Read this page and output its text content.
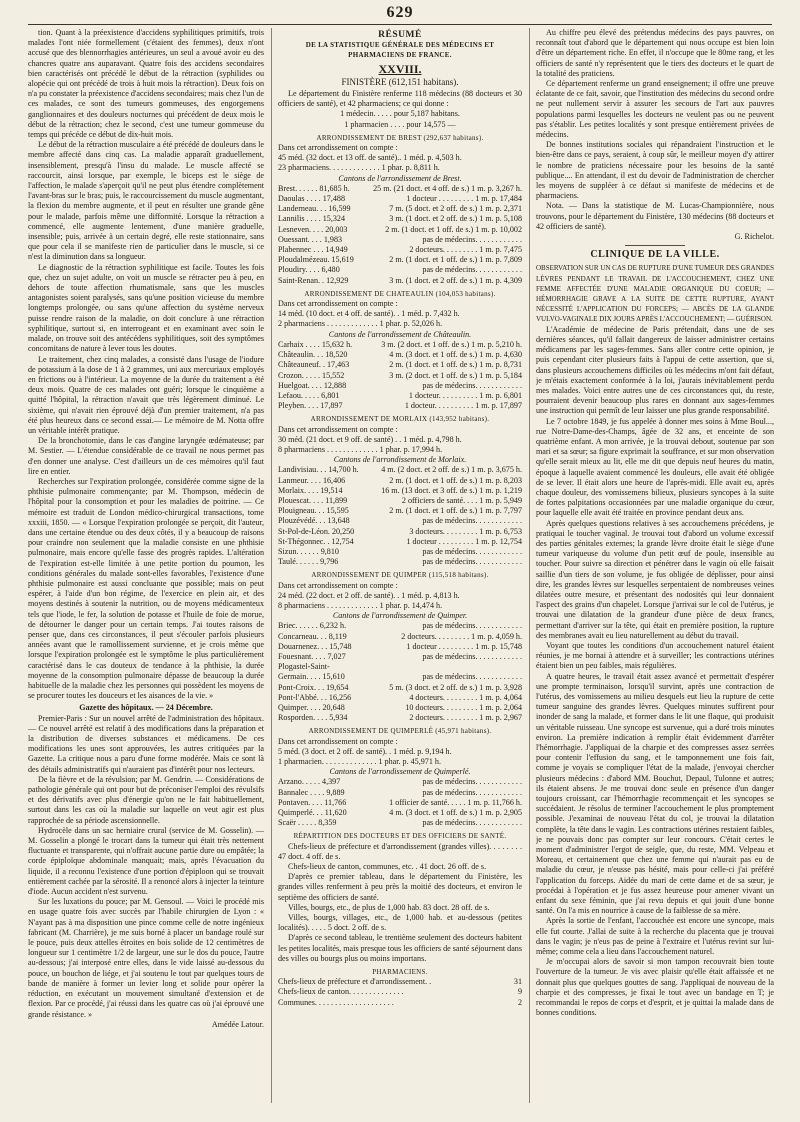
629

tion. Quant à la préexistence d'accidens syphilitiques primitifs, trois malades l'ont niée formellement (c'étaient des femmes), deux n'ont accusé que des blennorrhagies antérieures, un seul a avoué avoir eu des chancres quatre ans auparavant. Quatre fois des accidens secondaires bien caractérisés ont précédé le début de la rétraction (syphilides ou alopécie qui ont précédé de trois à huit mois la rétraction). Deux fois on n'a pu constater la préexistence d'accidens secondaires; mais chez l'un de ces malades, ce sont des tumeurs gommeuses, des engorgemens ganglionnaires et des douleurs nocturnes qui précédent de deux mois le début de la rétraction; chez le second, c'est une tumeur gommeuse du temps qui précéde ce début de dix-huit mois.

Le début de la rétraction musculaire a été précédé de douleurs dans le membre affecté dans cinq cas. La maladie apparaît graduellement, insensiblement, presqu'à l'insu du malade. Le muscle affecté se raccourcit, ainsi lorsque, par exemple, le biceps est le siège de l'affection, le malade s'aperçoit qu'il ne peut plus étendre complètement l'avant-bras sur le bras; puis, le raccourcissement du muscle augmentant, la flexion du membre augmente, et il peut en résulter une grande gêne pour le malade, parfois même une difformité. Lorsque la rétraction a commencé, elle augmente lentement, d'une manière graduelle, insensible; puis, arrivée à un certain degré, elle reste stationnaire, sans que pour cela il se manifeste rien de particulier dans le muscle, si ce n'est la diminution dans sa longueur.

Le diagnostic de la rétraction syphilitique est facile. Toutes les fois que, chez un sujet adulte, on voit un muscle se rétracter peu à peu, en dehors de toute affection rhumatismale, sans que les muscles antagonistes soient paralysés, sans qu'une position vicieuse du membre longtemps prolongée, ou sans qu'une affection du système nerveux puisse rendre raison de la maladie, on doit conclure à une rétraction syphilitique, surtout si, en interrogeant et en examinant avec soin le malade, on trouve soit des antécédens syphilitiques, soit des symptômes concomitans de nature à lever tous les doutes.

Le traitement, chez cinq malades, a consisté dans l'usage de l'iodure de potassium à la dose de 1 à 2 grammes, uni aux mercuriaux employés en frictions ou à l'intérieur. La moyenne de la durée du traitement a été deux mois. Quatre de ces malades ont guéri; lorsque le cinquième a quitté l'hôpital, la rétraction n'avait que très légèrement diminué. Le sixième, qui n'avait rien éprouvé déjà d'un premier traitement, n'a pas été plus heureux dans ce second essai.— Le mémoire de M. Notta offre un véritable intérêt pratique.

De la bronchotomie, dans le cas d'angine laryngée œdémateuse; par M. Sestier. — L'étendue considérable de ce travail ne nous permet pas d'en donner une analyse. C'est d'ailleurs un de ces mémoires qu'il faut lire en entier.

Recherches sur l'expiration prolongée, considérée comme signe de la phthisie pulmonaire commençante; par M. Thompson, médecin de l'hôpital pour la consomption et pour les maladies de poitrine. — Ce mémoire est traduit de London médico-chirurgical transactions, tome xxxiii, 1850. — « Lorsque l'expiration prolongée se perçoit, dit l'auteur, dans une certaine étendue ou des deux côtés, il y a beaucoup de raisons pour craindre non seulement que la maladie consiste en une phthisie pulmonaire, mais encore qu'elle fasse des progrès rapides. L'altération de l'expiration est-elle limitée à une petite portion du poumon, les conditions générales du malade sont-elles favorables, l'existence d'une phthisie pulmonaire est aussi concluante que possible; mais on peut espérer, à l'aide d'un bon régime, de l'exercice en plein air, et des moyens destinés à soutenir la nutrition, ou de moyens médicamenteux tels que l'iode, le fer, la solution de potasse et l'huile de foie de morue, de détourner le danger pour un certain temps. J'ai toutes raisons de penser que, dans ces circonstances, il peut s'écouler parfois plusieurs années avant que le ramollissement survienne, et je crois même que lorsque l'expiration prolongée est le symptôme le plus particulièrement caractérisé dans le cas douteux de tendance à la phthisie, la durée moyenne de la consomption pulmonaire dépasse de beaucoup la durée habituelle de la maladie chez les personnes qui possèdent les moyens de se procurer toutes les douceurs et les aisances de la vie. »

Gazette des hôpitaux. — 24 Décembre.

Premier-Paris : Sur un nouvel arrêté de l'administration des hôpitaux. — Ce nouvel arrêté est relatif à des modifications dans la préparation et la distribution de diverses substances et médicamens. De ces modifications les unes sont approuvées, les autres critiquées par la Gazette. La critique nous a paru d'une forme modérée. Mais ce sont là des détails administratifs qui n'auraient pas d'intérêt pour nos lecteurs.

De la fièvre et de la révulsion; par M. Gendrin. — Considérations de pathologie générale qui ont pour but de préconiser l'emploi des révulsifs et des dérivatifs avec plus d'énergie qu'on ne le fait habituellement, surtout dans les cas où la maladie sur laquelle on veut agir est plus rapprochée de sa période ascensionnelle.

Hydrocèle dans un sac herniaire crural (service de M. Gosselin). — M. Gosselin a plongé le trocart dans la tumeur qui était très nettement fluctuante et transparente, qui n'offrait aucune partie dure ou empâtée; la corde épiploïque abdominale manquait; mais, après l'évacuation du liquide, il a reconnu l'existence d'une portion d'épiploon qui se trouvait entièrement cachée par la sérosité. Il a renoncé alors à injecter la teinture d'iode. Aucun accident n'est survenu.

Sur les luxations du pouce; par M. Gensoul. — Voici le procédé mis en usage quatre fois avec succès par l'habile chirurgien de Lyon : « N'ayant pas à ma disposition une pince comme celle de notre ingénieux fabricant (M. Charrière), je me suis borné à placer un bandage roulé sur le pouce, puis deux attelles étroites en bois solide de 12 centimètres de longueur sur 1 centimètre 1/2 de largeur, une sur le dos du pouce, l'autre au-dessous; j'ai interposé entre elles, dans le vide laissé au-dessous du pouce, un bouchon de liége, et j'ai soutenu le tout par quelques tours de bande de manière à former un levier long et solide pour opérer la réduction, en exécutant un mouvement simultané d'extension et de flexion. Par ce procédé, j'ai réussi dans les quatre cas où j'ai éprouvé une grande résistance. »

Amédée Latour.

RÉSUMÉ
DE LA STATISTIQUE GÉNÉRALE DES MÉDECINS ET PHARMACIENS DE FRANCE.
XXVIII.
FINISTÈRE (612,151 habitans).

Le département du Finistère renferme 118 médecins (88 docteurs et 30 officiers de santé), et 42 pharmaciens; ce qui donne :

1 médecin. . . . . pour 5,187 habitans.

1 pharmacien . . . . pour 14,575 —

ARRONDISSEMENT DE BREST (292,637 habitans).
Dans cet arrondissement on compte :
45 méd. (32 doct. et 13 off. de santé).. 1 méd. p. 4,503 h.
23 pharmaciens. . . . . . . . . . . . . 1 phar. p. 8,811 h.
Cantons de l'arrondissement de Brest.
Brest. . . . . . 81,685 h.	25 m. (21 doct. et 4 off. de s.) 1 m. p. 3,267 h.
Daoulas . . . . 17,488	1 docteur . . . . . . . . . 1 m. p. 17,484
Landerneau. . . 16,599	7 m. (5 doct. et 2 off. de s.) 1 m. p. 2,371
Lannilis . . . . 15,324	3 m. (1 doct. et 2 off. de s.) 1 m. p. 5,108
Lesneven. . . . 20,003	2 m. (1 doct. et 1 off. de s.) 1 m. p. 10,002
Ouessant. . . . 1,983	pas de médecins. . . . . . . . . . . .
Plabennec . . . 14,949	2 docteurs. . . . . . . . . 1 m. p. 7,475
Ploudalmézeau. 15,619	2 m. (1 doct. et 1 off. de s.) 1 m. p. 7,809
Ploudiry. . . . 6,480	pas de médecins. . . . . . . . . . . .
Saint-Renan. . 12,929	3 m. (1 doct. et 2 off. de s.) 1 m. p. 4,309
ARRONDISSEMENT DE CHATEAULIN (104,053 habitans).
Dans cet arrondissement on compte :
14 méd. (10 doct. et 4 off. de santé). . 1 méd. p. 7,432 h.
2 pharmaciens . . . . . . . . . . . . . 1 phar. p. 52,026 h.
Cantons de l'arrondissement de Châteaulin.
Carhaix . . . . 15,632 h.	3 m. (2 doct. et 1 off. de s.) 1 m. p. 5,210 h.
Châteaulin. . . 18,520	4 m. (3 doct. et 1 off. de s.) 1 m. p. 4,630
Châteauneuf. . 17,463	2 m. (1 doct. et 1 off. de s.) 1 m. p. 8,731
Crozon. . . . . 15,552	3 m. (2 doct. et 1 off. de s.) 1 m. p. 5,184
Huelgoat. . . . 12,888	pas de médecins. . . . . . . . . . . .
Lefaou. . . . . 6,801	1 docteur. . . . . . . . . . 1 m. p. 6,801
Pleyben. . . . 17,897	1 docteur. . . . . . . . . . 1 m. p. 17,897
ARRONDISSEMENT DE MORLAIX (143,952 habitans).
Dans cet arrondissement on compte :
30 méd. (21 doct. et 9 off. de santé) . . 1 méd. p. 4,798 h.
8 pharmaciens . . . . . . . . . . . . . 1 phar. p. 17,994 h.
Cantons de l'arrondissement de Morlaix.
Landivisiau. . . 14,700 h.	4 m. (2 doct. et 2 off. de s.) 1 m. p. 3,675 h.
Lanmeur. . . . 16,406	2 m. (1 doct. et 1 off. de s.) 1 m. p. 8,203
Morlaix. . . . 19,514	16 m. (13 doct. et 3 off. de s.) 1 m. p. 1,219
Plouescat. . . . 11,899	2 officiers de santé. . . . 1 m. p. 5,949
Plouigneau. . . 15,595	2 m. (1 doct. et 1 off. de s.) 1 m. p. 7,797
Plouzévédé. . . 13,648	pas de médecins. . . . . . . . . . . .
St-Pol-de-Léon. 20,250	3 docteurs. . . . . . . . . 1 m. p. 6,753
St-Thégonnec. . 12,754	1 docteur . . . . . . . . . 1 m. p. 12,754
Sizun. . . . . . 9,810	pas de médecins. . . . . . . . . . . .
Taulé. . . . . . 9,796	pas de médecins. . . . . . . . . . . .
ARRONDISSEMENT DE QUIMPER (115,518 habitans).
Dans cet arrondissement on compte :
24 méd. (22 doct. et 2 off. de santé). . 1 méd. p. 4,813 h.
8 pharmaciens . . . . . . . . . . . . . 1 phar. p. 14,474 h.
Cantons de l'arrondissement de Quimper.
Briec. . . . . . 6,232 h.	pas de médecins. . . . . . . . . . . .
Concarneau. . . 8,119	2 docteurs. . . . . . . . . 1 m. p. 4,059 h.
Douarnenez. . . 15,748	1 docteur . . . . . . . . . 1 m. p. 15,748
Fouesnant. . . . 7,027	pas de médecins. . . . . . . . . . . .
Plogastel-Saint-
Germain. . . . 15,610	pas de médecins. . . . . . . . . . . .
Pont-Croix. . . 19,654	5 m. (3 doct. et 2 off. de s.) 1 m. p. 3,928
Pont-l'Abbé. . . 16,256	4 docteurs. . . . . . . . . 1 m. p. 4,064
Quimper. . . . 20,648	10 docteurs. . . . . . . . . 1 m. p. 2,064
Rosporden. . . . 5,934	2 docteurs. . . . . . . . . 1 m. p. 2,967
ARRONDISSEMENT DE QUIMPERLÉ (45,971 habitans).
Dans cet arrondissement on compte :
5 méd. (3 doct. et 2 off. de santé). . 1 méd. p. 9,194 h.
1 pharmacien. . . . . . . . . . . . . . 1 phar. p. 45,971 h.
Cantons de l'arrondissement de Quimperlé.
Arzano. . . . . 4,397	pas de médecins. . . . . . . . . . . .
Bannalec . . . . 9,889	pas de médecins. . . . . . . . . . . .
Pontaven. . . . 11,766	1 officier de santé. . . . . 1 m. p. 11,766 h.
Quimperlé. . . 11,620	4 m. (3 doct. et 1 off. de s.) 1 m. p. 2,905
Scaër . . . . . 8,359	pas de médecins. . . . . . . . . . . .
RÉPARTITION DES DOCTEURS ET DES OFFICIERS DE SANTÉ.

Chefs-lieux de préfecture et d'arrondissement (grandes villes). . . . . . . . 47 doct. 4 off. de s.

Chefs-lieux de canton, communes, etc. . 41 doct. 26 off. de s.

D'après ce premier tableau, dans le département du Finistère, les grandes villes renferment à peu près la moitié des docteurs, et environ le septième des officiers de santé.

Villes, bourgs, etc., de plus de 1,000 hab. 83 doct. 28 off. de s.

Villes, bourgs, villages, etc., de 1,000 hab. et au-dessous (petites localités). . . . . 5 doct. 2 off. de s.

D'après ce second tableau, le trentième seulement des docteurs habitent les petites localités, mais presque tous les officiers de santé séjournent dans des villes ou bourgs plus ou moins importans.

PHARMACIENS.
Chefs-lieux de préfecture et d'arrondissement. .	31
Chefs-lieux de canton. . . . . . . . . . . . . .	9
Communes. . . . . . . . . . . . . . . . . . . .	2

Au chiffre peu élevé des prétendus médecins des pays pauvres, on reconnaît tout d'abord que le département qui nous occupe est bien loin d'être un département riche. En effet, il n'occupe que le 80me rang, et les officiers de santé n'y représentent que le tiers des docteurs et le quart de la totalité des praticiens.

Ce département renferme un grand enseignement; il offre une preuve éclatante de ce fait, savoir, que l'institution des médecins du second ordre ne peut nullement servir à assurer les secours de l'art aux pauvres populations parmi lesquelles les docteurs ne veulent pas ou ne peuvent pas s'établir. Les petites localités y sont presque entièrement privées de médecins.

De bonnes institutions sociales qui répandraient l'instruction et le bien-être dans ce pays, seraient, à coup sûr, le meilleur moyen d'y attirer le nombre de praticiens nécessaire pour les besoins de la santé publique.... En attendant, il est du devoir de l'administration de chercher les moyens de suppléer à ce défaut si manifeste de médecins et de pharmaciens.

Nota. — Dans la statistique de M. Lucas-Championnière, nous trouvons, pour le département du Finistère, 130 médecins (88 docteurs et 42 officiers de santé).

G. Richelot.

CLINIQUE DE LA VILLE.

OBSERVATION SUR UN CAS DE RUPTURE D'UNE TUMEUR DES GRANDES LÈVRES PENDANT LE TRAVAIL DE L'ACCOUCHEMENT, CHEZ UNE FEMME AFFECTÉE D'UNE MALADIE ORGANIQUE DU COEUR; — HÉMORRHAGIE GRAVE A LA SUITE DE CETTE RUPTURE, AYANT NÉCESSITÉ L'APPLICATION DU FORCEPS; — ABCÈS DE LA GLANDE VULVO-VAGINALE DIX JOURS APRÈS L'ACCOUCHEMENT; — GUÉRISON.

L'Académie de médecine de Paris prétendait, dans une de ses dernières séances, qu'il fallait dangereux de laisser administrer certains médicamens par les sages-femmes. Sans aller contre cette opinion, je puis cependant citer plusieurs faits à l'appui de cette assertion, que si, dans plusieurs accouchemens difficiles où les médecins m'ont fait défaut, je m'étais exactement conformée à la loi, j'aurais inévitablement perdu mes malades. Voici entre autres une de ces circonstances qui, du reste, pourraient devenir beaucoup plus rares en donnant aux sages-femmes une instruction qui permît de leur laisser une plus grande responsabilité.

Le 7 octobre 1849, je fus appelée à donner mes soins à Mme Boul..., rue Notre-Dame-des-Champs, âgée de 32 ans, et enceinte de son quatrième enfant. A mon arrivée, je la trouvai debout, soutenue par son mari et sa sœur; sa figure exprimait la souffrance, et sur mon observation qu'elle serait mieux au lit, elle me dit que depuis neuf heures du matin, époque à laquelle avaient commencé les douleurs, elle avait été obligée de se lever. Il était alors une heure de l'après-midi. Elle avait eu, après chaque douleur, des vomissemens bilieux, plusieurs syncopes à la suite de fortes palpitations occasionnées par une maladie organique du cœur, pour laquelle elle avait été traitée en province pendant deux ans.

Après quelques questions relatives à ses accouchemens précédens, je pratiquai le toucher vaginal. Je trouvai tout d'abord un volume excessif des parties génitales externes; la grande lèvre droite était le siège d'une tumeur variqueuse du volume d'un petit œuf de poule, insensible au toucher. Pour suivre sa direction et pénétrer dans le vagin où elle faisait saillie d'un tiers de son volume, je fus obligée de déplisser, pour ainsi dire, les grandes lèvres sur lesquelles serpentaient de nombreuses veines dilatées outre mesure, et présentant des nodosités qui leur donnaient l'aspect des grains d'un chapelet. Lorsque j'arrivai sur le col de l'utérus, je trouvai une dilatation de la grandeur d'une pièce de deux francs, permettant d'arriver sur la tête, qui était en première position, la rupture des membranes avait eu lieu naturellement au début du travail.

Voyant que toutes les conditions d'un accouchement naturel étaient réunies, je me bornai à attendre et à surveiller; les contractions utérines étaient bien un peu faibles, mais régulières.

A quatre heures, le travail était assez avancé et permettait d'espérer une prompte terminaison, lorsqu'il survint, après une contraction de l'utérus, des vomissemens au milieu desquels eut lieu la rupture de cette tumeur sanguine des grandes lèvres. Quelques minutes suffirent pour inonder de sang la malade, et former dans le lit une flaque, qui produisit un véritable ruisseau. Une syncope est survenue, qui a duré trois minutes environ. La première indication à remplir était évidemment d'arrêter l'hémorrhagie. J'appliquai de la charpie et des compresses assez serrées pour contenir l'effusion du sang, et le tamponnement une fois fait, comme je voyais se compliquer l'état de la malade, j'envoyai chercher plusieurs médecins : d'abord MM. Bouchut, Depaul, Tulonne et autres; ils étaient absens. Je me trouvai donc seule en présence d'un danger toujours croissant, car l'hémorrhagie recommençait et les syncopes se succédaient. Je résolus de terminer l'accouchement le plus promptement possible. J'examinai de nouveau l'état du col, je trouvai la dilatation complète, la tête dans le vagin. Les contractions utérines restaient faibles, je ne pouvais donc pas compter sur leur concours. C'était certes le moment d'administrer l'ergot de seigle, que, du reste, MM. Velpeau et Moreau, et certainement que chez une femme qui n'aurait pas eu de maladie du cœur, je n'eusse pas hésité, mais pour celle-ci j'ai préféré l'application du forceps. Aidée du mari de cette dame et de sa sœur, je procédai à l'opération et je fus assez heureuse pour amener vivant un enfant du sexe féminin, que j'ai revu depuis et qui jouit d'une bonne santé. On l'a mis en nourrice à cause de la faiblesse de sa mère.

Après la sortie de l'enfant, l'accouchée est encore une syncope, mais elle fut courte. J'allai de suite à la recherche du placenta que je trouvai dans le vagin; je n'eus pas de peine à l'extraire et l'utérus revint sur lui-même; comme cela a lieu dans l'accouchement naturel.

Je m'occupai alors de savoir si mon tampon recouvrait bien toute l'ouverture de la tumeur. Je vis avec plaisir qu'elle était affaissée et ne donnait plus que quelques gouttes de sang. J'appliquai de nouveau de la charpie et des compresses, je fixai le tout avec un bandage en T; je recommandai le repos de corps et d'esprit, et je quittai la malade dans de bonnes conditions.
